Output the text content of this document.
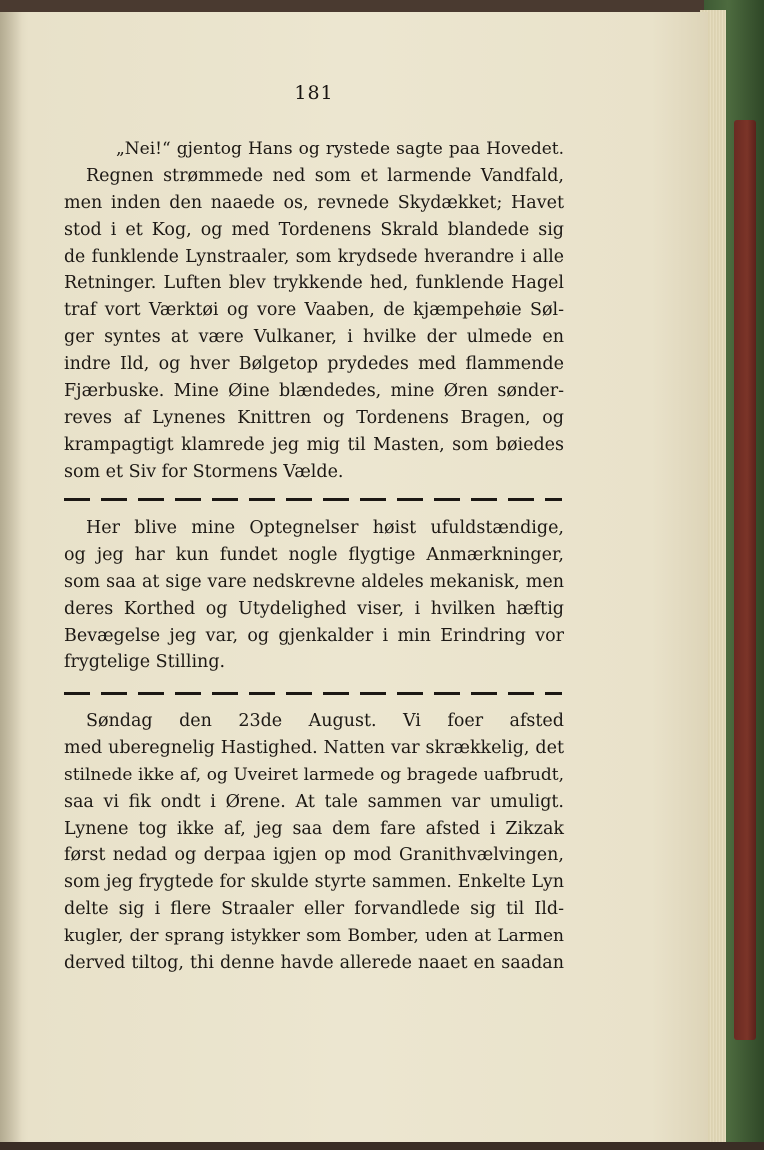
181
„Nei!“ gjentog Hans og rystede sagte paa Hovedet.
Regnen strømmede ned som et larmende Vandfald,
men inden den naaede os, revnede Skydækket; Havet
stod i et Kog, og med Tordenens Skrald blandede sig
de funklende Lynstraaler, som krydsede hverandre i alle
Retninger. Luften blev trykkende hed, funklende Hagel
traf vort Værktøi og vore Vaaben, de kjæmpehøie Søl-
ger syntes at være Vulkaner, i hvilke der ulmede en
indre Ild, og hver Bølgetop prydedes med flammende
Fjærbuske. Mine Øine blændedes, mine Øren sønder-
reves af Lynenes Knittren og Tordenens Bragen, og
krampagtigt klamrede jeg mig til Masten, som bøiedes
som et Siv for Stormens Vælde.
Her blive mine Optegnelser høist ufuldstændige,
og jeg har kun fundet nogle flygtige Anmærkninger,
som saa at sige vare nedskrevne aldeles mekanisk, men
deres Korthed og Utydelighed viser, i hvilken hæftig
Bevægelse jeg var, og gjenkalder i min Erindring vor
frygtelige Stilling.
Søndag den 23de August. Vi foer afsted
med uberegnelig Hastighed. Natten var skrækkelig, det
stilnede ikke af, og Uveiret larmede og bragede uafbrudt,
saa vi fik ondt i Ørene. At tale sammen var umuligt.
Lynene tog ikke af, jeg saa dem fare afsted i Zikzak
først nedad og derpaa igjen op mod Granithvælvingen,
som jeg frygtede for skulde styrte sammen. Enkelte Lyn
delte sig i flere Straaler eller forvandlede sig til Ild-
kugler, der sprang istykker som Bomber, uden at Larmen
derved tiltog, thi denne havde allerede naaet en saadan
